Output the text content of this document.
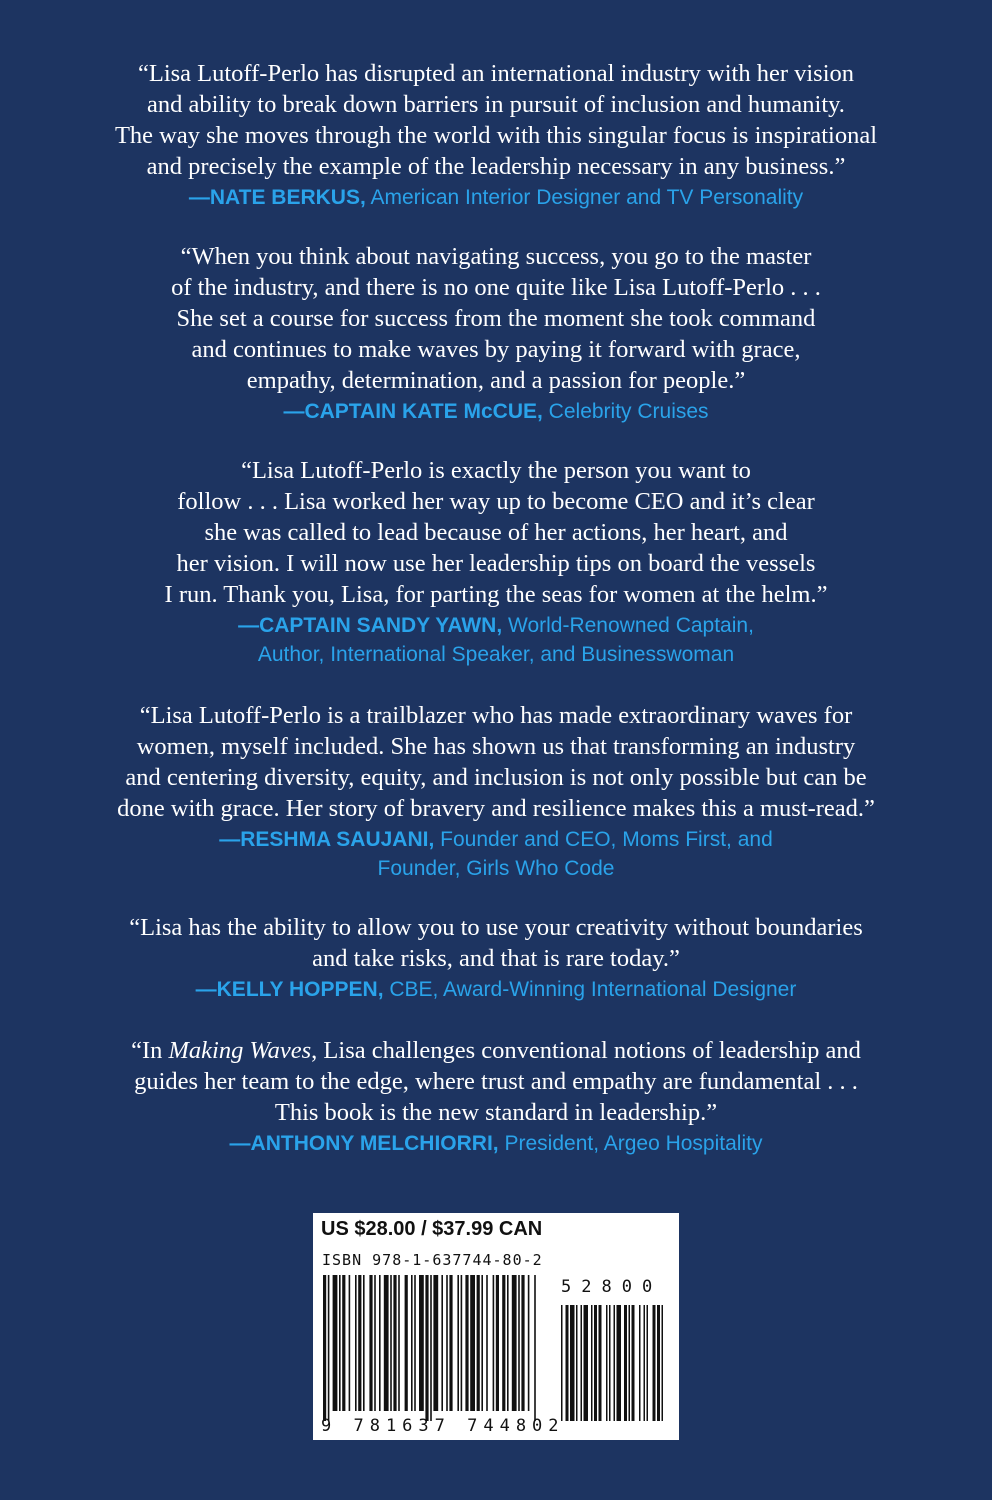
“Lisa Lutoff-Perlo has disrupted an international industry with her vision
and ability to break down barriers in pursuit of inclusion and humanity.
The way she moves through the world with this singular focus is inspirational
and precisely the example of the leadership necessary in any business.”
—NATE BERKUS, American Interior Designer and TV Personality
“When you think about navigating success, you go to the master
of the industry, and there is no one quite like Lisa Lutoff-Perlo . . .
She set a course for success from the moment she took command
and continues to make waves by paying it forward with grace,
empathy, determination, and a passion for people.”
—CAPTAIN KATE McCUE, Celebrity Cruises
“Lisa Lutoff-Perlo is exactly the person you want to
follow . . . Lisa worked her way up to become CEO and it’s clear
she was called to lead because of her actions, her heart, and
her vision. I will now use her leadership tips on board the vessels
I run. Thank you, Lisa, for parting the seas for women at the helm.”
—CAPTAIN SANDY YAWN, World-Renowned Captain,
Author, International Speaker, and Businesswoman
“Lisa Lutoff-Perlo is a trailblazer who has made extraordinary waves for
women, myself included. She has shown us that transforming an industry
and centering diversity, equity, and inclusion is not only possible but can be
done with grace. Her story of bravery and resilience makes this a must-read.”
—RESHMA SAUJANI, Founder and CEO, Moms First, and
Founder, Girls Who Code
“Lisa has the ability to allow you to use your creativity without boundaries
and take risks, and that is rare today.”
—KELLY HOPPEN, CBE, Award-Winning International Designer
“In Making Waves, Lisa challenges conventional notions of leadership and
guides her team to the edge, where trust and empathy are fundamental . . .
This book is the new standard in leadership.”
—ANTHONY MELCHIORRI, President, Argeo Hospitality
US $28.00 / $37.99 CAN
ISBN 978-1-637744-80-2
9 781637 744802
52800
